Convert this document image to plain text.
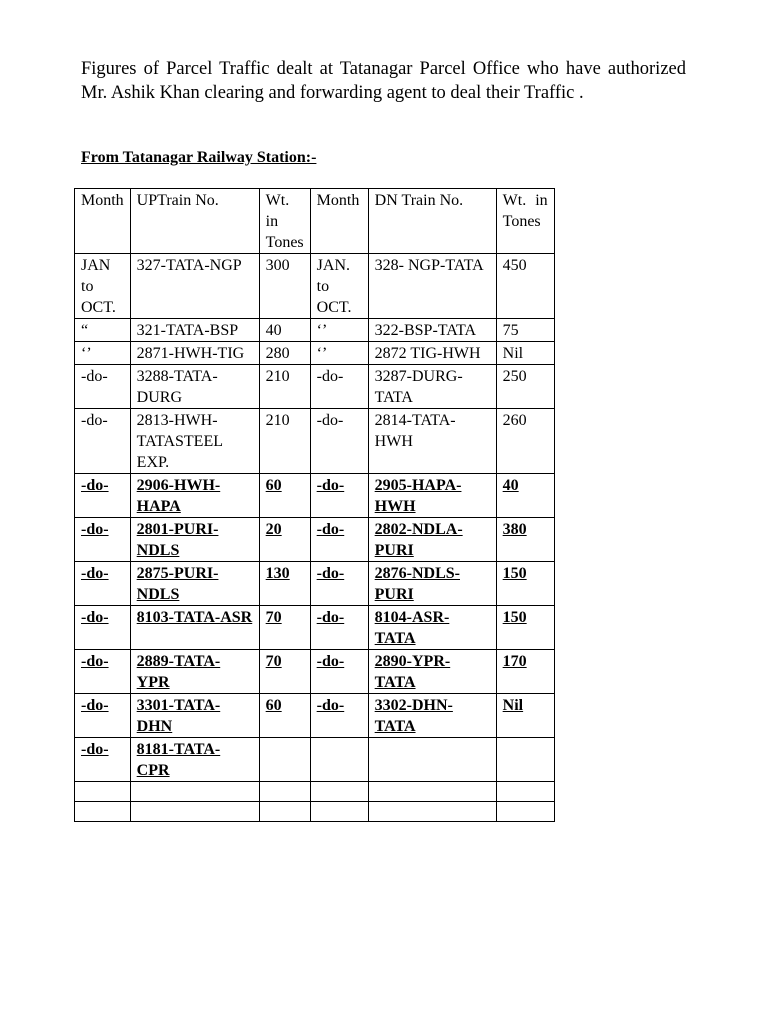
Figures of Parcel Traffic dealt at Tatanagar Parcel Office who have authorized Mr. Ashik Khan clearing and forwarding agent to deal their Traffic .

From Tatanagar Railway Station:-

Month	UPTrain No.	Wt. in Tones	Month	DN Train No.	Wt. in Tones
JAN to OCT.	327-TATA-NGP	300	JAN. to OCT.	328- NGP-TATA	450
“	321-TATA-BSP	40	‘’	322-BSP-TATA	75
‘’	2871-HWH-TIG	280	‘’	2872 TIG-HWH	Nil
-do-	3288-TATA-DURG	210	-do-	3287-DURG-TATA	250
-do-	2813-HWH-TATASTEEL EXP.	210	-do-	2814-TATA-HWH	260
-do-	2906-HWH-HAPA	60	-do-	2905-HAPA-HWH	40
-do-	2801-PURI-NDLS	20	-do-	2802-NDLA-PURI	380
-do-	2875-PURI-NDLS	130	-do-	2876-NDLS-PURI	150
-do-	8103-TATA-ASR	70	-do-	8104-ASR-TATA	150
-do-	2889-TATA-YPR	70	-do-	2890-YPR-TATA	170
-do-	3301-TATA-DHN	60	-do-	3302-DHN-TATA	Nil
-do-	8181-TATA-CPR				
